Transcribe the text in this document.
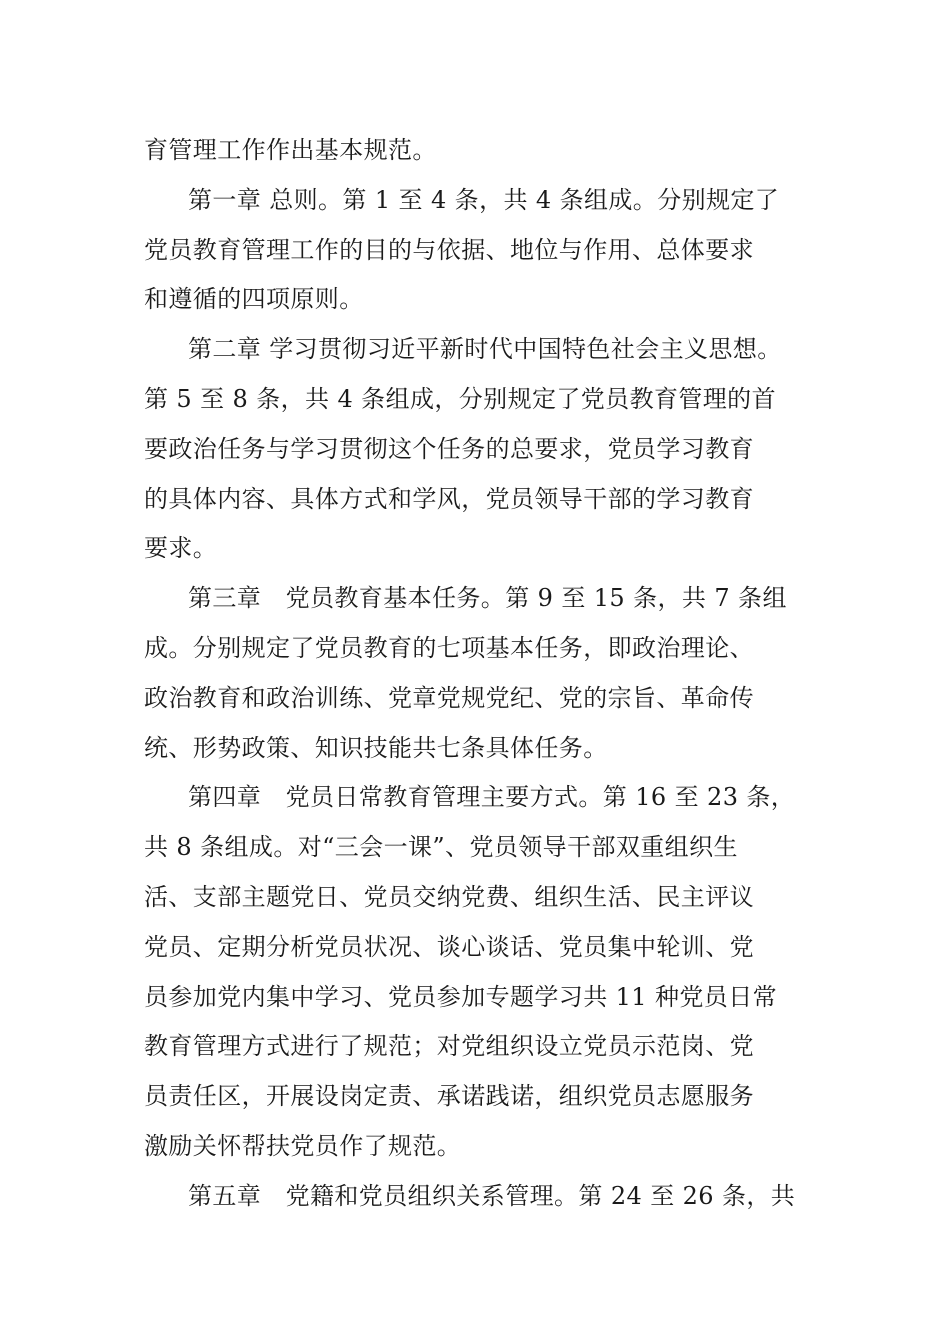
育管理工作作出基本规范。
第一章 总则。第 1 至 4 条，共 4 条组成。分别规定了
党员教育管理工作的目的与依据、地位与作用、总体要求
和遵循的四项原则。
第二章 学习贯彻习近平新时代中国特色社会主义思想。
第 5 至 8 条，共 4 条组成，分别规定了党员教育管理的首
要政治任务与学习贯彻这个任务的总要求，党员学习教育
的具体内容、具体方式和学风，党员领导干部的学习教育
要求。
第三章　党员教育基本任务。第 9 至 15 条，共 7 条组
成。分别规定了党员教育的七项基本任务，即政治理论、
政治教育和政治训练、党章党规党纪、党的宗旨、革命传
统、形势政策、知识技能共七条具体任务。
第四章　党员日常教育管理主要方式。第 16 至 23 条，
共 8 条组成。对“三会一课”、党员领导干部双重组织生
活、支部主题党日、党员交纳党费、组织生活、民主评议
党员、定期分析党员状况、谈心谈话、党员集中轮训、党
员参加党内集中学习、党员参加专题学习共 11 种党员日常
教育管理方式进行了规范；对党组织设立党员示范岗、党
员责任区，开展设岗定责、承诺践诺，组织党员志愿服务
激励关怀帮扶党员作了规范。
第五章　党籍和党员组织关系管理。第 24 至 26 条，共
